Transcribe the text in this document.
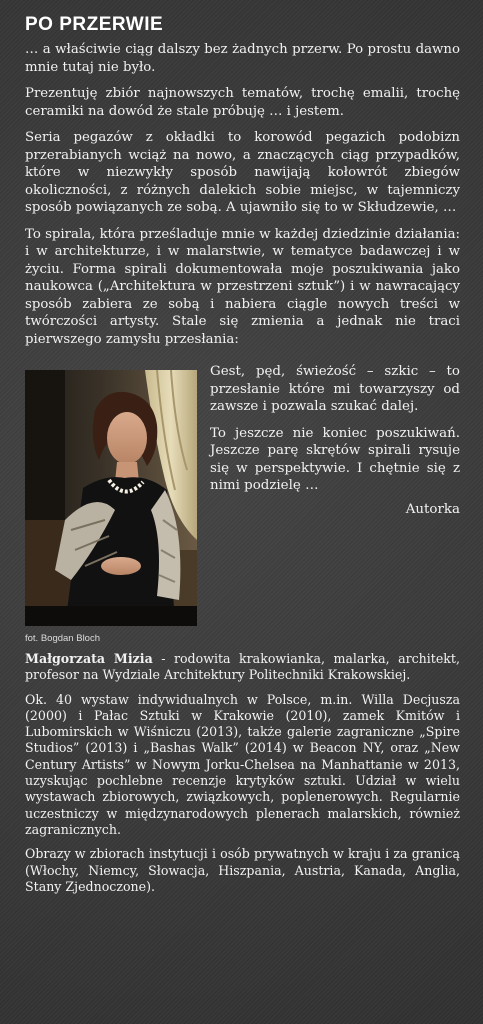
PO PRZERWIE

… a właściwie ciąg dalszy bez żadnych przerw. Po prostu dawno mnie tutaj nie było.

Prezentuję zbiór najnowszych tematów, trochę emalii, trochę ceramiki na dowód że stale próbuję … i jestem.

Seria pegazów z okładki to korowód pegazich podobizn przerabianych wciąż na nowo, a znaczących ciąg przypadków, które w niezwykły sposób nawijają kołowrót zbiegów okoliczności, z różnych dalekich sobie miejsc, w tajemniczy sposób powiązanych ze sobą. A ujawniło się to w Skłudzewie, …

To spirala, która prześladuje mnie w każdej dziedzinie działania: i w architekturze, i w malarstwie, w tematyce badawczej i w życiu. Forma spirali dokumentowała moje poszukiwania jako naukowca („Architektura w przestrzeni sztuk”) i w nawracający sposób zabiera ze sobą i nabiera ciągle nowych treści w twórczości artysty. Stale się zmienia a jednak nie traci pierwszego zamysłu przesłania:

fot. Bogdan Bloch

Gest, pęd, świeżość – szkic – to przesłanie które mi towarzyszy od zawsze i pozwala szukać dalej.

To jeszcze nie koniec poszukiwań. Jeszcze parę skrętów spirali rysuje się w perspektywie. I chętnie się z nimi podzielę …

Autorka

Małgorzata Mizia - rodowita krakowianka, malarka, architekt, profesor na Wydziale Architektury Politechniki Krakowskiej.

Ok. 40 wystaw indywidualnych w Polsce, m.in. Willa Decjusza (2000) i Pałac Sztuki w Krakowie (2010), zamek Kmitów i Lubomirskich w Wiśniczu (2013), także galerie zagraniczne „Spire Studios” (2013) i „Bashas Walk” (2014) w Beacon NY, oraz „New Century Artists” w Nowym Jorku-Chelsea na Manhattanie w 2013, uzyskując pochlebne recenzje krytyków sztuki. Udział w wielu wystawach zbiorowych, związkowych, poplenerowych. Regularnie uczestniczy w międzynarodowych plenerach malarskich, również zagranicznych.

Obrazy w zbiorach instytucji i osób prywatnych w kraju i za granicą (Włochy, Niemcy, Słowacja, Hiszpania, Austria, Kanada, Anglia, Stany Zjednoczone).
